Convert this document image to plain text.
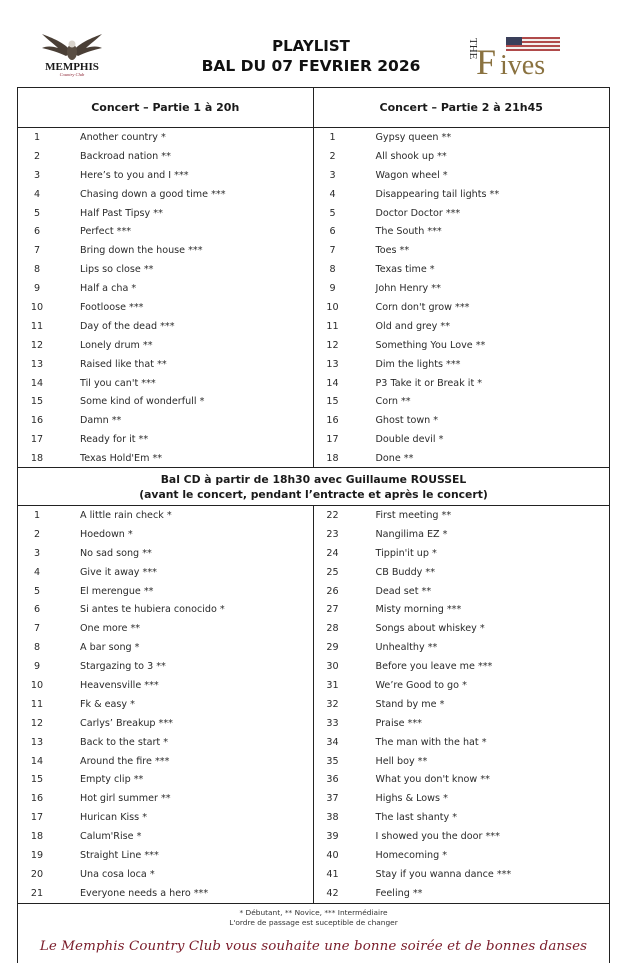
MEMPHIS
Country Club
THE
F ives
PLAYLIST
BAL DU 07 FEVRIER 2026
Concert – Partie 1 à 20h	Concert – Partie 2 à 21h45
1	Another country *
2	Backroad nation **
3	Here’s to you and I ***
4	Chasing down a good time ***
5	Half Past Tipsy **
6	Perfect ***
7	Bring down the house ***
8	Lips so close **
9	Half a cha *
10	Footloose ***
11	Day of the dead ***
12	Lonely drum **
13	Raised like that **
14	Til you can't ***
15	Some kind of wonderfull *
16	Damn **
17	Ready for it **
18	Texas Hold'Em **
1	Gypsy queen **
2	All shook up **
3	Wagon wheel *
4	Disappearing tail lights **
5	Doctor Doctor ***
6	The South ***
7	Toes **
8	Texas time *
9	John Henry **
10	Corn don't grow ***
11	Old and grey **
12	Something You Love **
13	Dim the lights ***
14	P3 Take it or Break it *
15	Corn **
16	Ghost town *
17	Double devil *
18	Done **
Bal CD à partir de 18h30 avec Guillaume ROUSSEL
(avant le concert, pendant l’entracte et après le concert)
1	A little rain check *
2	Hoedown *
3	No sad song **
4	Give it away ***
5	El merengue **
6	Si antes te hubiera conocido *
7	One more **
8	A bar song *
9	Stargazing to 3 **
10	Heavensville ***
11	Fk & easy *
12	Carlys’ Breakup ***
13	Back to the start *
14	Around the fire ***
15	Empty clip **
16	Hot girl summer **
17	Hurican Kiss *
18	Calum'Rise *
19	Straight Line ***
20	Una cosa loca *
21	Everyone needs a hero ***
22	First meeting **
23	Nangilima EZ *
24	Tippin'it up *
25	CB Buddy **
26	Dead set **
27	Misty morning ***
28	Songs about whiskey *
29	Unhealthy **
30	Before you leave me ***
31	We’re Good to go *
32	Stand by me *
33	Praise ***
34	The man with the hat *
35	Hell boy **
36	What you don't know **
37	Highs & Lows *
38	The last shanty *
39	I showed you the door ***
40	Homecoming *
41	Stay if you wanna dance ***
42	Feeling **
* Débutant, ** Novice, *** Intermédiaire
L'ordre de passage est suceptible de changer
Le Memphis Country Club vous souhaite une bonne soirée et de bonnes danses
